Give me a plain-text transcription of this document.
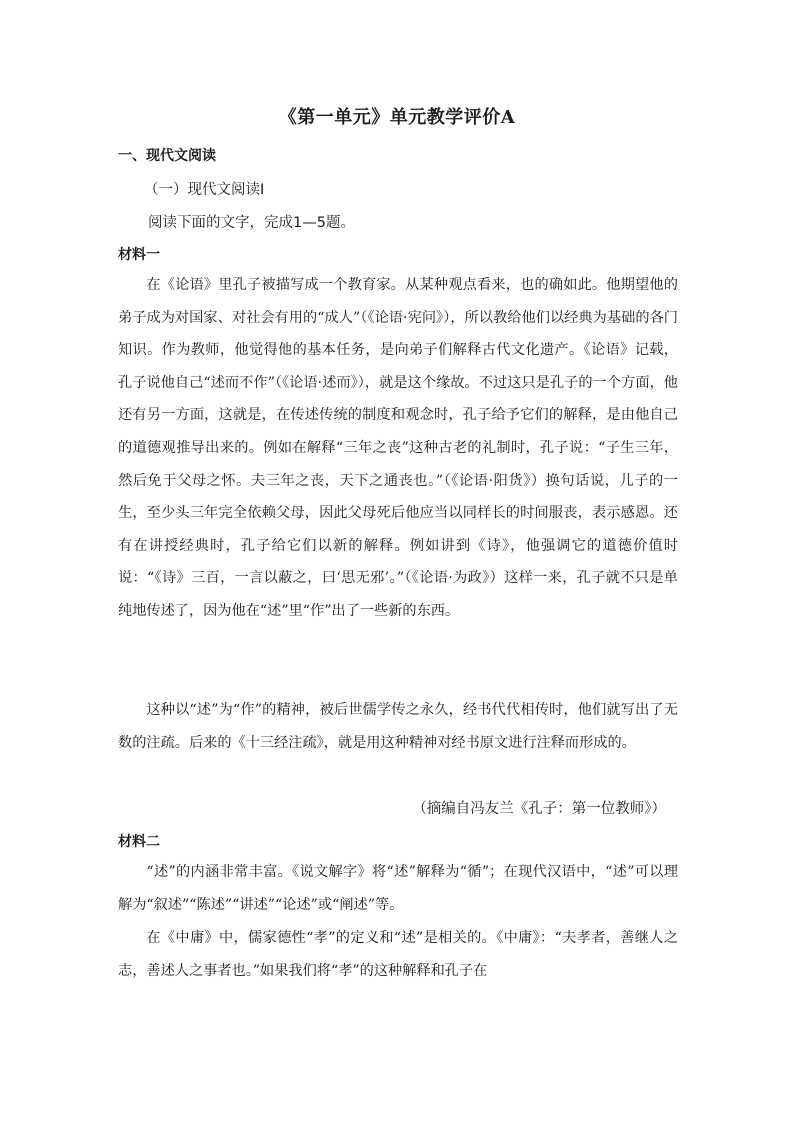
《第一单元》单元教学评价A
一、现代文阅读
（一）现代文阅读Ⅰ
阅读下面的文字，完成1—5题。
材料一

在《论语》里孔子被描写成一个教育家。从某种观点看来，也的确如此。他期望他的弟子成为对国家、对社会有用的“成人”（《论语·宪问》），所以教给他们以经典为基础的各门知识。作为教师，他觉得他的基本任务，是向弟子们解释古代文化遗产。《论语》记载，孔子说他自己“述而不作”（《论语·述而》），就是这个缘故。不过这只是孔子的一个方面，他还有另一方面，这就是，在传述传统的制度和观念时，孔子给予它们的解释，是由他自己的道德观推导出来的。例如在解释“三年之丧”这种古老的礼制时，孔子说：“子生三年，然后免于父母之怀。夫三年之丧，天下之通丧也。”（《论语·阳货》）换句话说，儿子的一生，至少头三年完全依赖父母，因此父母死后他应当以同样长的时间服丧，表示感恩。还有在讲授经典时，孔子给它们以新的解释。例如讲到《诗》，他强调它的道德价值时说：“《诗》三百，一言以蔽之，曰‘思无邪’。”（《论语·为政》）这样一来，孔子就不只是单纯地传述了，因为他在“述”里“作”出了一些新的东西。

这种以“述”为“作”的精神，被后世儒学传之永久，经书代代相传时，他们就写出了无数的注疏。后来的《十三经注疏》，就是用这种精神对经书原文进行注释而形成的。

（摘编自冯友兰《孔子：第一位教师》）
材料二

“述”的内涵非常丰富。《说文解字》将“述”解释为“循”；在现代汉语中，“述”可以理解为“叙述”“陈述”“讲述”“论述”或“阐述”等。

在《中庸》中，儒家德性“孝”的定义和“述”是相关的。《中庸》：“夫孝者，善继人之志，善述人之事者也。”如果我们将“孝”的这种解释和孔子在
